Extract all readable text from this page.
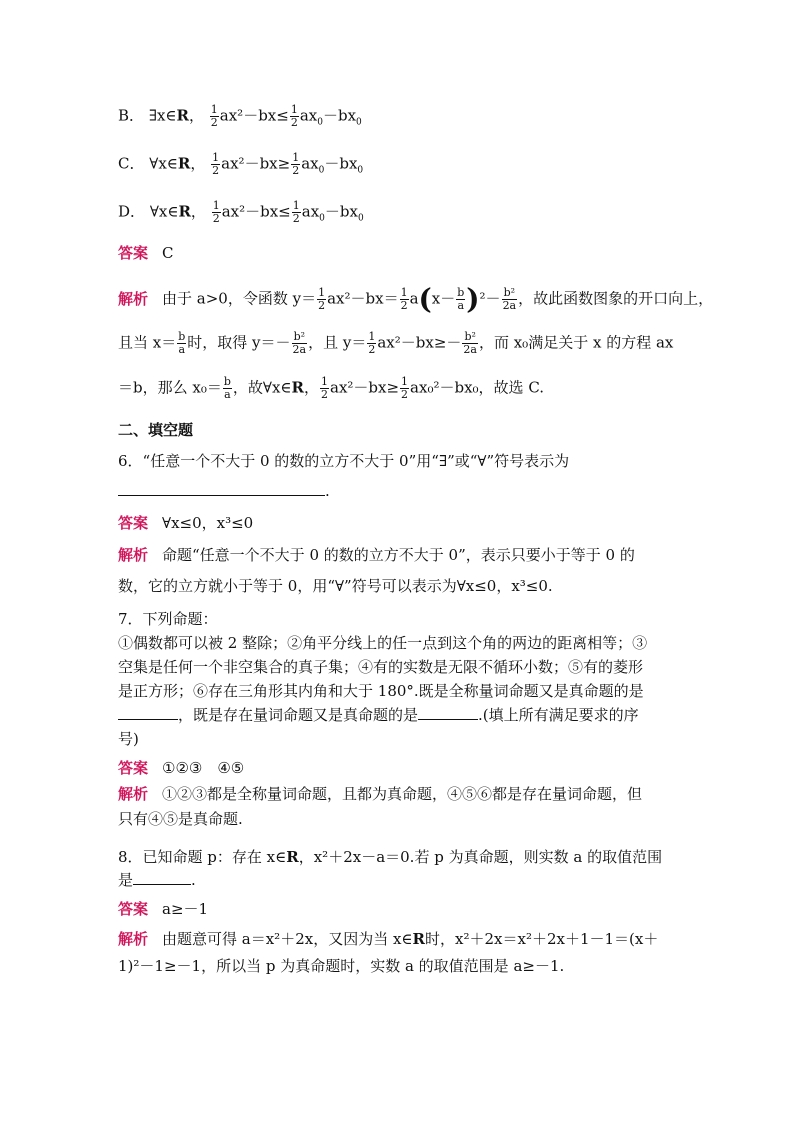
B． ∃x∈R， $\frac{1}{2} ax^2-bx\le \frac{1}{2} ax_0-bx_0$
C． ∀x∈R， $\frac{1}{2} ax^2-bx\ge \frac{1}{2} ax_0-bx_0$
D． ∀x∈R， $\frac{1}{2} ax^2-bx\le \frac{1}{2} ax_0-bx_0$
答案 C
解析 由于 a>0，令函数 $y= \frac{1}{2} ax^2-bx= \frac{1}{2} a(x- \frac{b}{a} )^2- \frac{\text{b²}}{2a}$ ，故此函数图象的开口向上，
且当 $x= \frac{b}{a}$ 时，取得 $y=- \frac{\text{b²}}{2a}$ ，且 $y= \frac{1}{2} ax^2-bx\ge- \frac{\text{b²}}{2a}$ ，而 x₀满足关于 x 的方程 ax
＝b，那么 $x_0= \frac{b}{a}$ ，故∀x∈R， $\frac{1}{2} ax^2-bx\ge \frac{1}{2} ax_0^2-bx_0$，故选 C.
二、填空题
6．“任意一个不大于 0 的数的立方不大于 0”用“∃”或“∀”符号表示为
.
答案 ∀x≤0，x³≤0
解析 命题“任意一个不大于 0 的数的立方不大于 0”，表示只要小于等于 0 的
数，它的立方就小于等于 0，用“∀”符号可以表示为∀x≤0，x³≤0.
7．下列命题：
①偶数都可以被 2 整除；②角平分线上的任一点到这个角的两边的距离相等；③
空集是任何一个非空集合的真子集；④有的实数是无限不循环小数；⑤有的菱形
是正方形；⑥存在三角形其内角和大于 180°.既是全称量词命题又是真命题的是
，既是存在量词命题又是真命题的是	.(填上所有满足要求的序
号)
答案 ①②③　④⑤
解析 ①②③都是全称量词命题，且都为真命题，④⑤⑥都是存在量词命题，但
只有④⑤是真命题.
8．已知命题 p：存在 x∈R，x²＋2x－a＝0.若 p 为真命题，则实数 a 的取值范围
是	.
答案 a≥－1
解析 由题意可得 a＝x²＋2x，又因为当 x∈R时，x²＋2x＝x²＋2x＋1－1＝(x＋
1)²－1≥－1，所以当 p 为真命题时，实数 a 的取值范围是 a≥－1.
